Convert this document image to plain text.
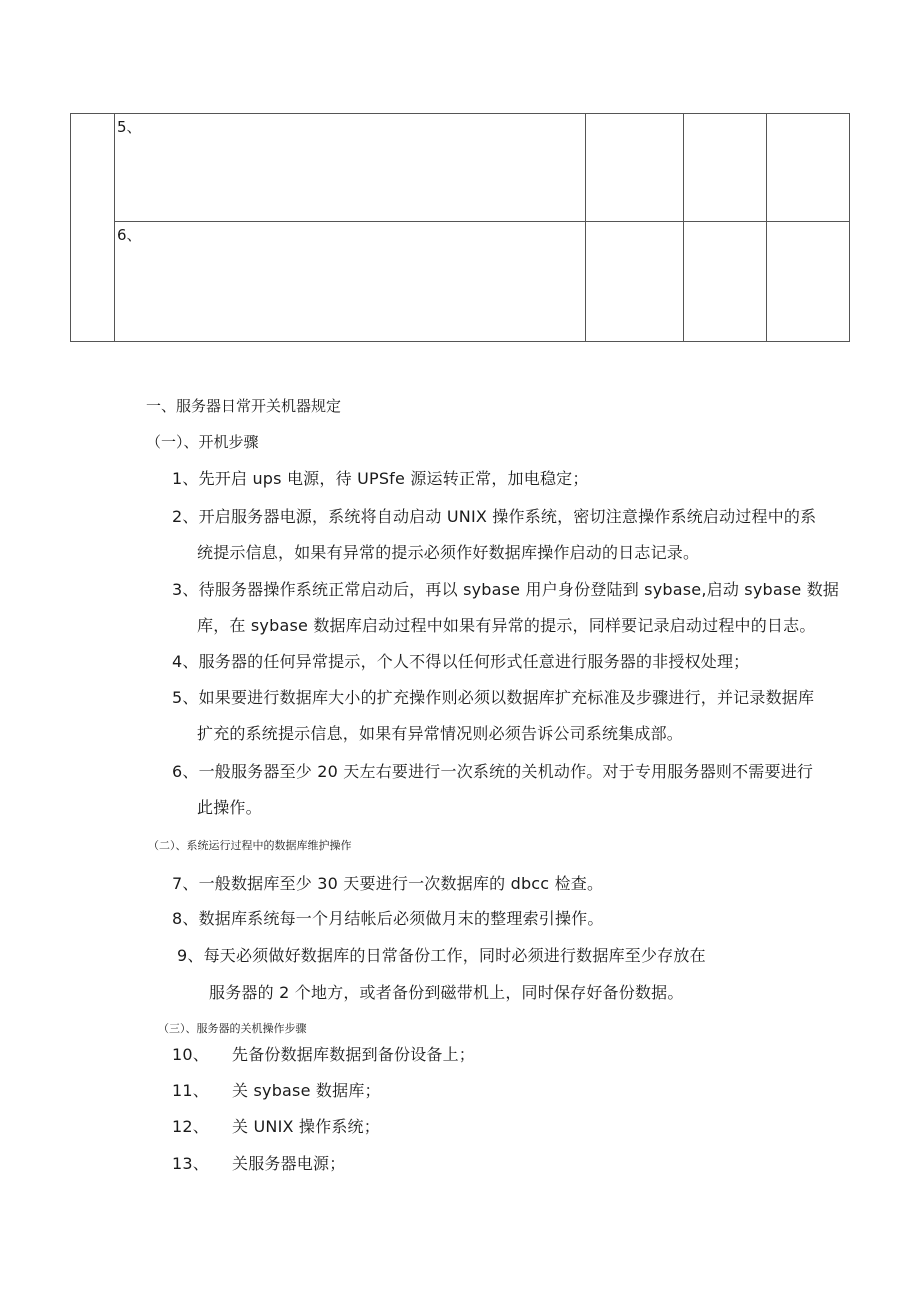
5、
6、
一、服务器日常开关机器规定
（一）、开机步骤
1、先开启 ups 电源，待 UPSfe 源运转正常，加电稳定；
2、开启服务器电源，系统将自动启动 UNIX 操作系统，密切注意操作系统启动过程中的系
统提示信息，如果有异常的提示必须作好数据库操作启动的日志记录。
3、待服务器操作系统正常启动后，再以 sybase 用户身份登陆到 sybase,启动 sybase 数据
库，在 sybase 数据库启动过程中如果有异常的提示，同样要记录启动过程中的日志。
4、服务器的任何异常提示，个人不得以任何形式任意进行服务器的非授权处理；
5、如果要进行数据库大小的扩充操作则必须以数据库扩充标准及步骤进行，并记录数据库
扩充的系统提示信息，如果有异常情况则必须告诉公司系统集成部。
6、一般服务器至少 20 天左右要进行一次系统的关机动作。对于专用服务器则不需要进行
此操作。
（二）、系统运行过程中的数据库维护操作
7、一般数据库至少 30 天要进行一次数据库的 dbcc 检查。
8、数据库系统每一个月结帐后必须做月末的整理索引操作。
9、每天必须做好数据库的日常备份工作，同时必须进行数据库至少存放在
服务器的 2 个地方，或者备份到磁带机上，同时保存好备份数据。
（三）、服务器的关机操作步骤
10、 先备份数据库数据到备份设备上；
11、 关 sybase 数据库；
12、 关 UNIX 操作系统；
13、 关服务器电源；
